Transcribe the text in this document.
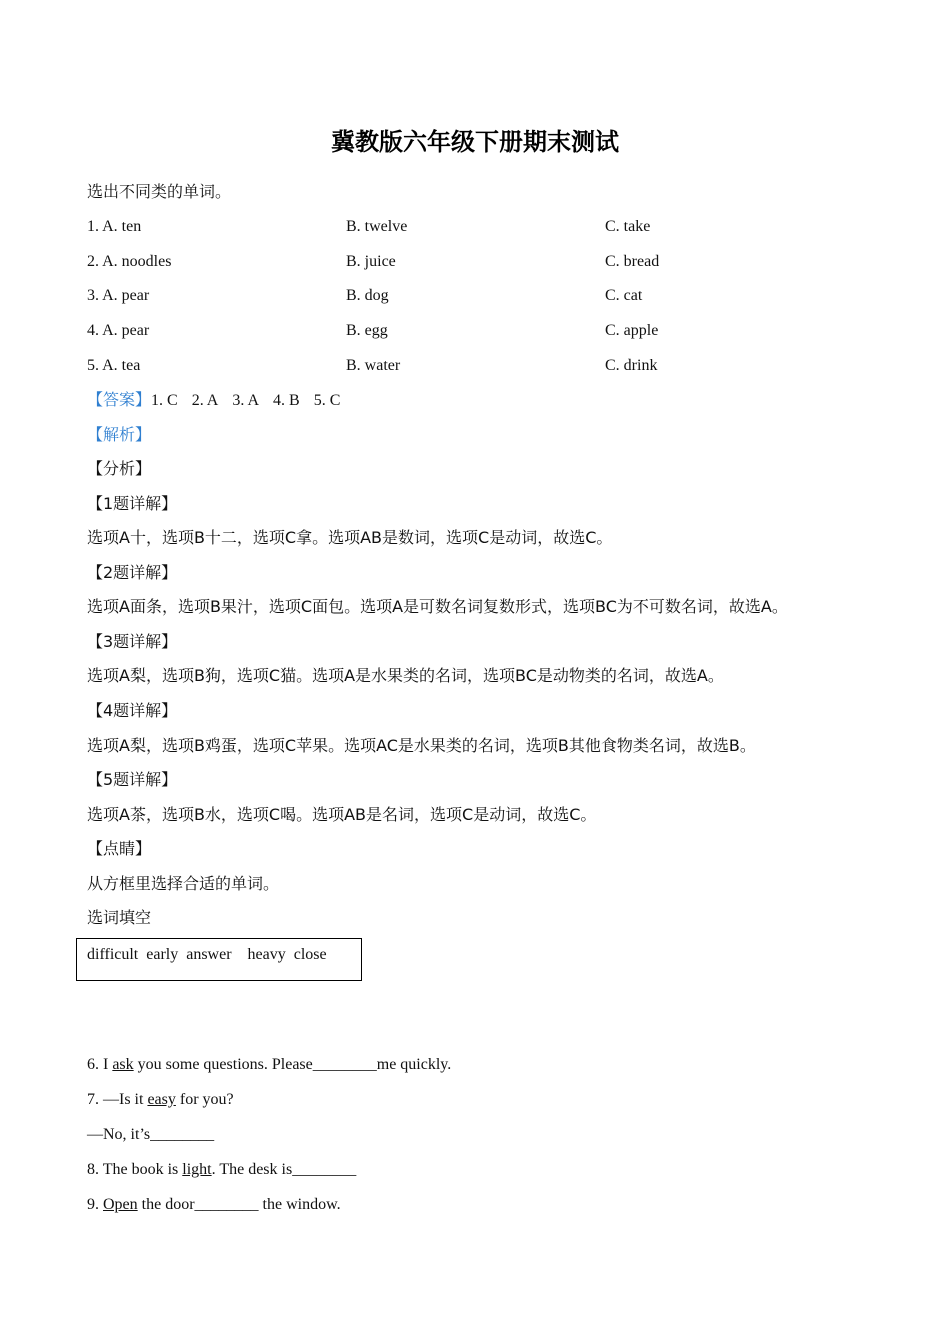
冀教版六年级下册期末测试
选出不同类的单词。
1. A. ten	B. twelve	C. take
2. A. noodles	B. juice	C. bread
3. A. pear	B. dog	C. cat
4. A. pear	B. egg	C. apple
5. A. tea	B. water	C. drink
【答案】1. C 2. A 3. A 4. B 5. C
【解析】
【分析】
【1题详解】
选项A十，选项B十二，选项C拿。选项AB是数词，选项C是动词，故选C。
【2题详解】
选项A面条，选项B果汁，选项C面包。选项A是可数名词复数形式，选项BC为不可数名词，故选A。
【3题详解】
选项A梨，选项B狗，选项C猫。选项A是水果类的名词，选项BC是动物类的名词，故选A。
【4题详解】
选项A梨，选项B鸡蛋，选项C苹果。选项AC是水果类的名词，选项B其他食物类名词，故选B。
【5题详解】
选项A茶，选项B水，选项C喝。选项AB是名词，选项C是动词，故选C。
【点睛】
从方框里选择合适的单词。
选词填空
difficult  early  answer    heavy  close
6. I ask you some questions. Please________me quickly.
7. —Is it easy for you?
—No, it’s________
8. The book is light. The desk is________
9. Open the door________ the window.
